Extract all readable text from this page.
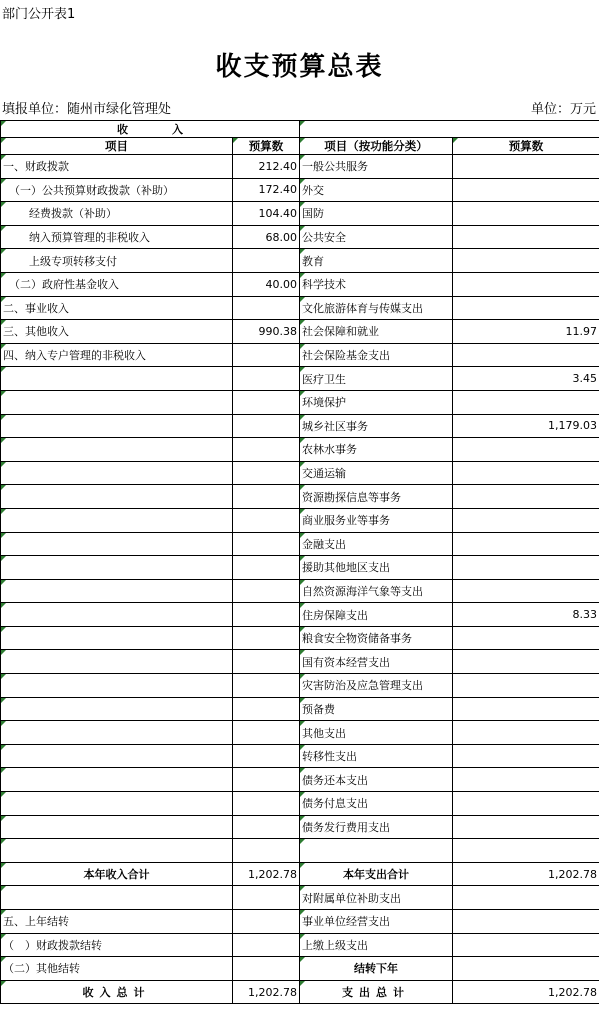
部门公开表1
收支预算总表
填报单位：随州市绿化管理处	单位：万元
收　　　　入			
项目	预算数	项目（按功能分类）	预算数
一、财政拨款	212.40	一般公共服务	
（一）公共预算财政拨款（补助）	172.40	外交	
经费拨款（补助）	104.40	国防	
纳入预算管理的非税收入	68.00	公共安全	
上级专项转移支付		教育	
（二）政府性基金收入	40.00	科学技术	
二、事业收入		文化旅游体育与传媒支出	
三、其他收入	990.38	社会保障和就业	11.97
四、纳入专户管理的非税收入		社会保险基金支出	
		医疗卫生	3.45
		环境保护	
		城乡社区事务	1,179.03
		农林水事务	
		交通运输	
		资源勘探信息等事务	
		商业服务业等事务	
		金融支出	
		援助其他地区支出	
		自然资源海洋气象等支出	
		住房保障支出	8.33
		粮食安全物资储备事务	
		国有资本经营支出	
		灾害防治及应急管理支出	
		预备费	
		其他支出	
		转移性支出	
		债务还本支出	
		债务付息支出	
		债务发行费用支出	

本年收入合计	1,202.78	本年支出合计	1,202.78
		对附属单位补助支出	
五、上年结转		事业单位经营支出	
（　）财政拨款结转		上缴上级支出	
（二）其他结转		结转下年	
收入总计	1,202.78	支出总计	1,202.78
